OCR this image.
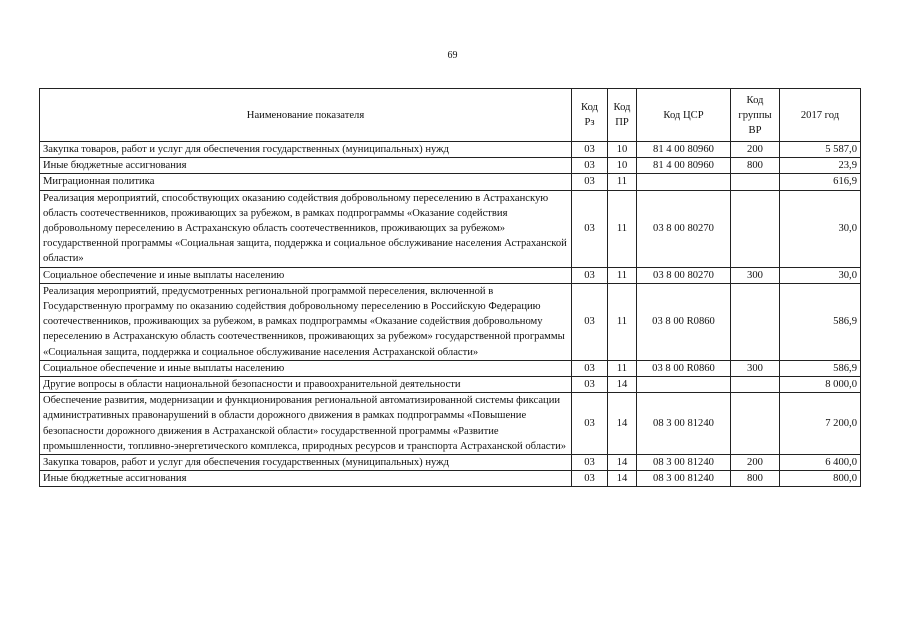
69
Наименование показателя	Код Рз	Код ПР	Код ЦСР	Код группы ВР	2017 год
Закупка товаров, работ и услуг для обеспечения государственных (муниципальных) нужд	03	10	81 4 00 80960	200	5 587,0
Иные бюджетные ассигнования	03	10	81 4 00 80960	800	23,9
Миграционная политика	03	11			616,9
Реализация мероприятий, способствующих оказанию содействия добровольному переселению в Астраханскую область соотечественников, проживающих за рубежом, в рамках подпрограммы «Оказание содействия добровольному переселению в Астраханскую область соотечественников, проживающих за рубежом» государственной программы «Социальная защита, поддержка и социальное обслуживание населения Астраханской области»	03	11	03 8 00 80270		30,0
Социальное обеспечение и иные выплаты населению	03	11	03 8 00 80270	300	30,0
Реализация мероприятий, предусмотренных региональной программой переселения, включенной в Государственную программу по оказанию содействия добровольному переселению в Российскую Федерацию соотечественников, проживающих за рубежом, в рамках подпрограммы «Оказание содействия добровольному переселению в Астраханскую область соотечественников, проживающих за рубежом» государственной программы «Социальная защита, поддержка и социальное обслуживание населения Астраханской области»	03	11	03 8 00 R0860		586,9
Социальное обеспечение и иные выплаты населению	03	11	03 8 00 R0860	300	586,9
Другие вопросы в области национальной безопасности и правоохранительной деятельности	03	14			8 000,0
Обеспечение развития, модернизации и функционирования региональной автоматизированной системы фиксации административных правонарушений в области дорожного движения в рамках подпрограммы «Повышение безопасности дорожного движения в Астраханской области» государственной программы «Развитие промышленности, топливно-энергетического комплекса, природных ресурсов и транспорта Астраханской области»	03	14	08 3 00 81240		7 200,0
Закупка товаров, работ и услуг для обеспечения государственных (муниципальных) нужд	03	14	08 3 00 81240	200	6 400,0
Иные бюджетные ассигнования	03	14	08 3 00 81240	800	800,0
